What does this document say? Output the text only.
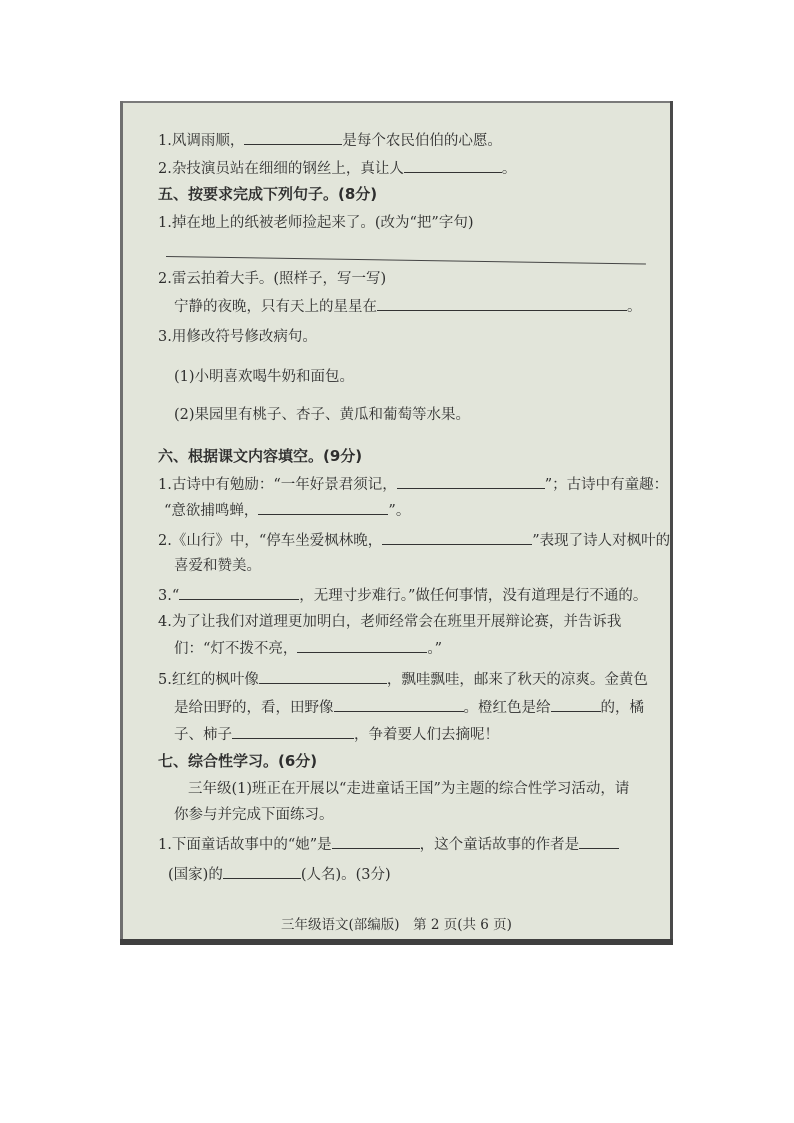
1.风调雨顺，	是每个农民伯伯的心愿。
2.杂技演员站在细细的钢丝上，真让人	。
五、按要求完成下列句子。(8分)
1.掉在地上的纸被老师捡起来了。(改为“把”字句)
2.雷云拍着大手。(照样子，写一写)
宁静的夜晚，只有天上的星星在	。
3.用修改符号修改病句。
(1)小明喜欢喝牛奶和面包。
(2)果园里有桃子、杏子、黄瓜和葡萄等水果。
六、根据课文内容填空。(9分)
1.古诗中有勉励：“一年好景君须记，	”；古诗中有童趣：
“意欲捕鸣蝉，	”。
2.《山行》中，“停车坐爱枫林晚，	”表现了诗人对枫叶的
喜爱和赞美。
3.“	，无理寸步难行。”做任何事情，没有道理是行不通的。
4.为了让我们对道理更加明白，老师经常会在班里开展辩论赛，并告诉我
们：“灯不拨不亮，	。”
5.红红的枫叶像	，飘哇飘哇，邮来了秋天的凉爽。金黄色
是给田野的，看，田野像	。橙红色是给	的，橘
子、柿子	，争着要人们去摘呢！
七、综合性学习。(6分)
三年级(1)班正在开展以“走进童话王国”为主题的综合性学习活动，请
你参与并完成下面练习。
1.下面童话故事中的“她”是	，这个童话故事的作者是
(国家)的	(人名)。(3分)
三年级语文(部编版)　第 2 页(共 6 页)
